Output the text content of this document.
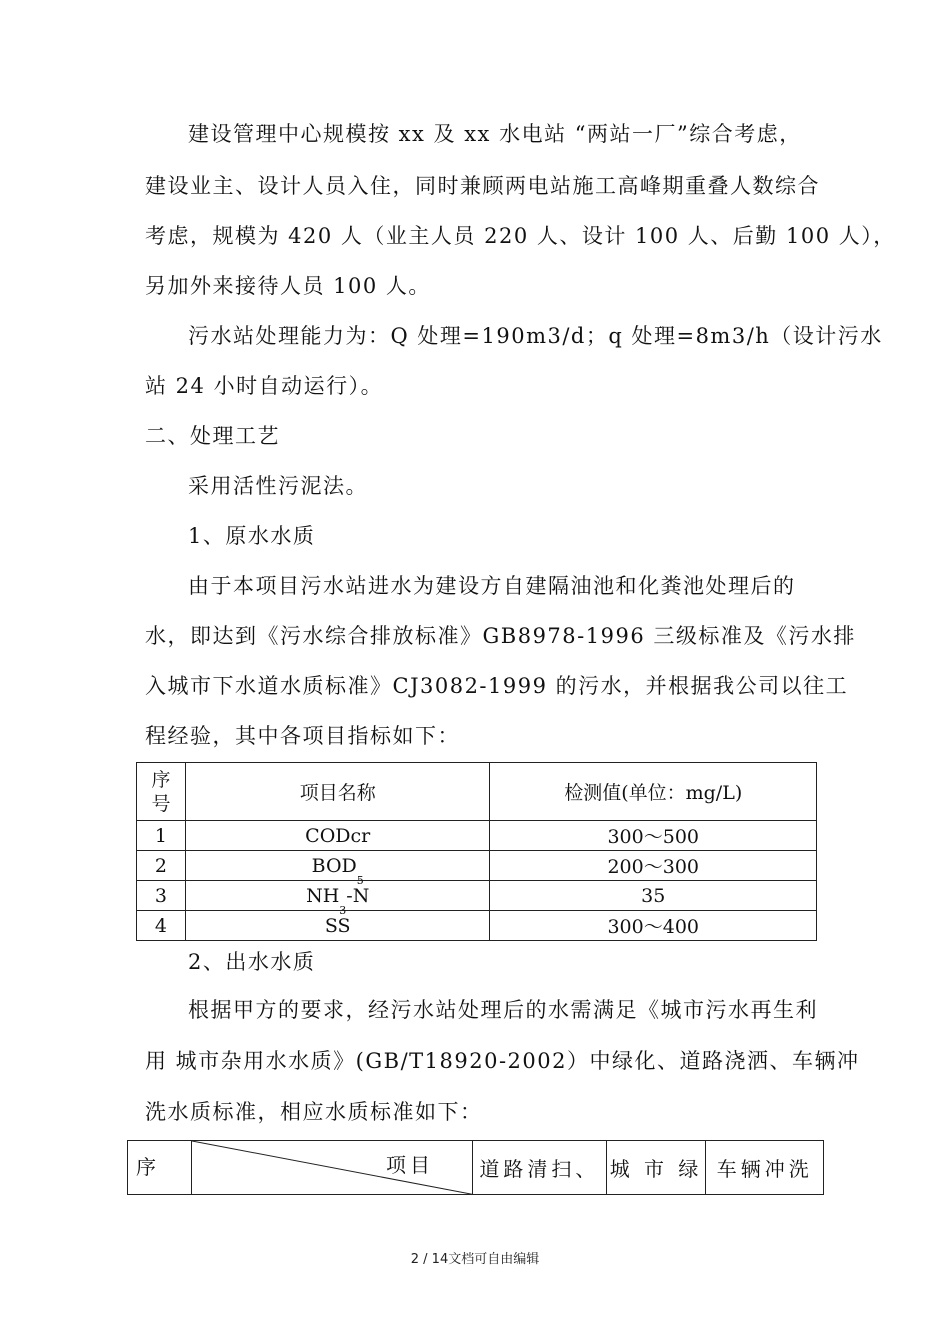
建设管理中心规模按 xx 及 xx 水电站 “两站一厂”综合考虑，
建设业主、设计人员入住，同时兼顾两电站施工高峰期重叠人数综合
考虑，规模为 420 人（业主人员 220 人、设计 100 人、后勤 100 人），
另加外来接待人员 100 人。
污水站处理能力为：Q 处理=190m3/d；q 处理=8m3/h（设计污水
站 24 小时自动运行）。
二、处理工艺
采用活性污泥法。
1、原水水质
由于本项目污水站进水为建设方自建隔油池和化粪池处理后的
水，即达到《污水综合排放标准》GB8978-1996 三级标准及《污水排
入城市下水道水质标准》CJ3082-1999 的污水，并根据我公司以往工
程经验，其中各项目指标如下：
序号	项目名称	检测值(单位：mg/L)
1	CODcr	300～500
2	$BOD_5$	200～300
3	$NH_3-N$	35
4	SS	300～400
2、出水水质
根据甲方的要求，经污水站处理后的水需满足《城市污水再生利
用 城市杂用水水质》(GB/T18920-2002）中绿化、道路浇洒、车辆冲
洗水质标准，相应水质标准如下：
序	项目	道路清扫、	城 市 绿	车辆冲洗
2 / 14文档可自由编辑
